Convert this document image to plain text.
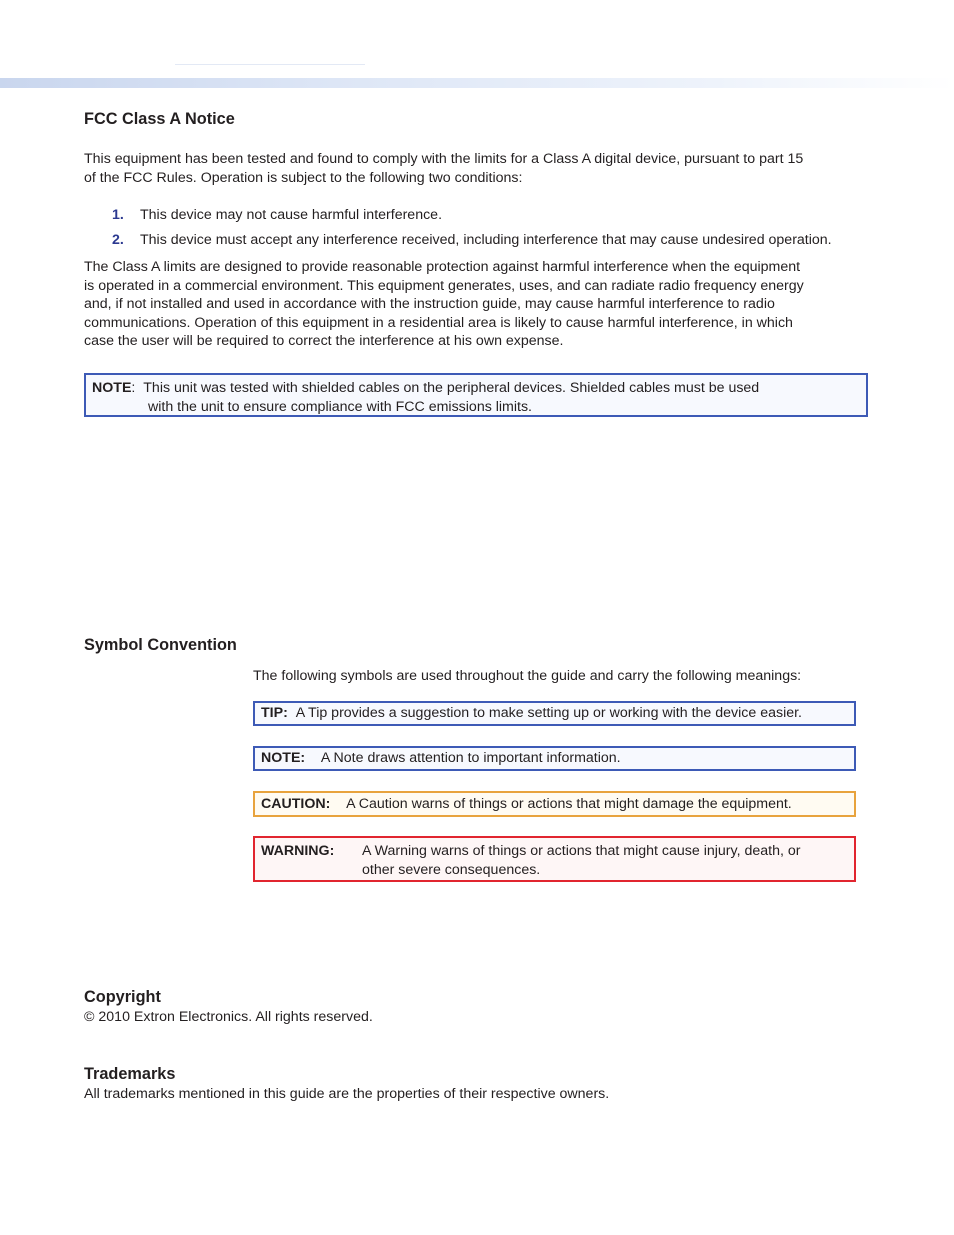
FCC Class A Notice

This equipment has been tested and found to comply with the limits for a Class A digital device, pursuant to part 15
of the FCC Rules. Operation is subject to the following two conditions:

1. This device may not cause harmful interference.
2. This device must accept any interference received, including interference that may cause undesired operation.

The Class A limits are designed to provide reasonable protection against harmful interference when the equipment
is operated in a commercial environment. This equipment generates, uses, and can radiate radio frequency energy
and, if not installed and used in accordance with the instruction guide, may cause harmful interference to radio
communications. Operation of this equipment in a residential area is likely to cause harmful interference, in which
case the user will be required to correct the interference at his own expense.

NOTE: This unit was tested with shielded cables on the peripheral devices. Shielded cables must be used
with the unit to ensure compliance with FCC emissions limits.
Symbol Convention

The following symbols are used throughout the guide and carry the following meanings:

TIP: A Tip provides a suggestion to make setting up or working with the device easier.
NOTE: A Note draws attention to important information.
CAUTION: A Caution warns of things or actions that might damage the equipment.
WARNING:	A Warning warns of things or actions that might cause injury, death, or
other severe consequences.
Copyright

© 2010 Extron Electronics. All rights reserved.

Trademarks

All trademarks mentioned in this guide are the properties of their respective owners.
